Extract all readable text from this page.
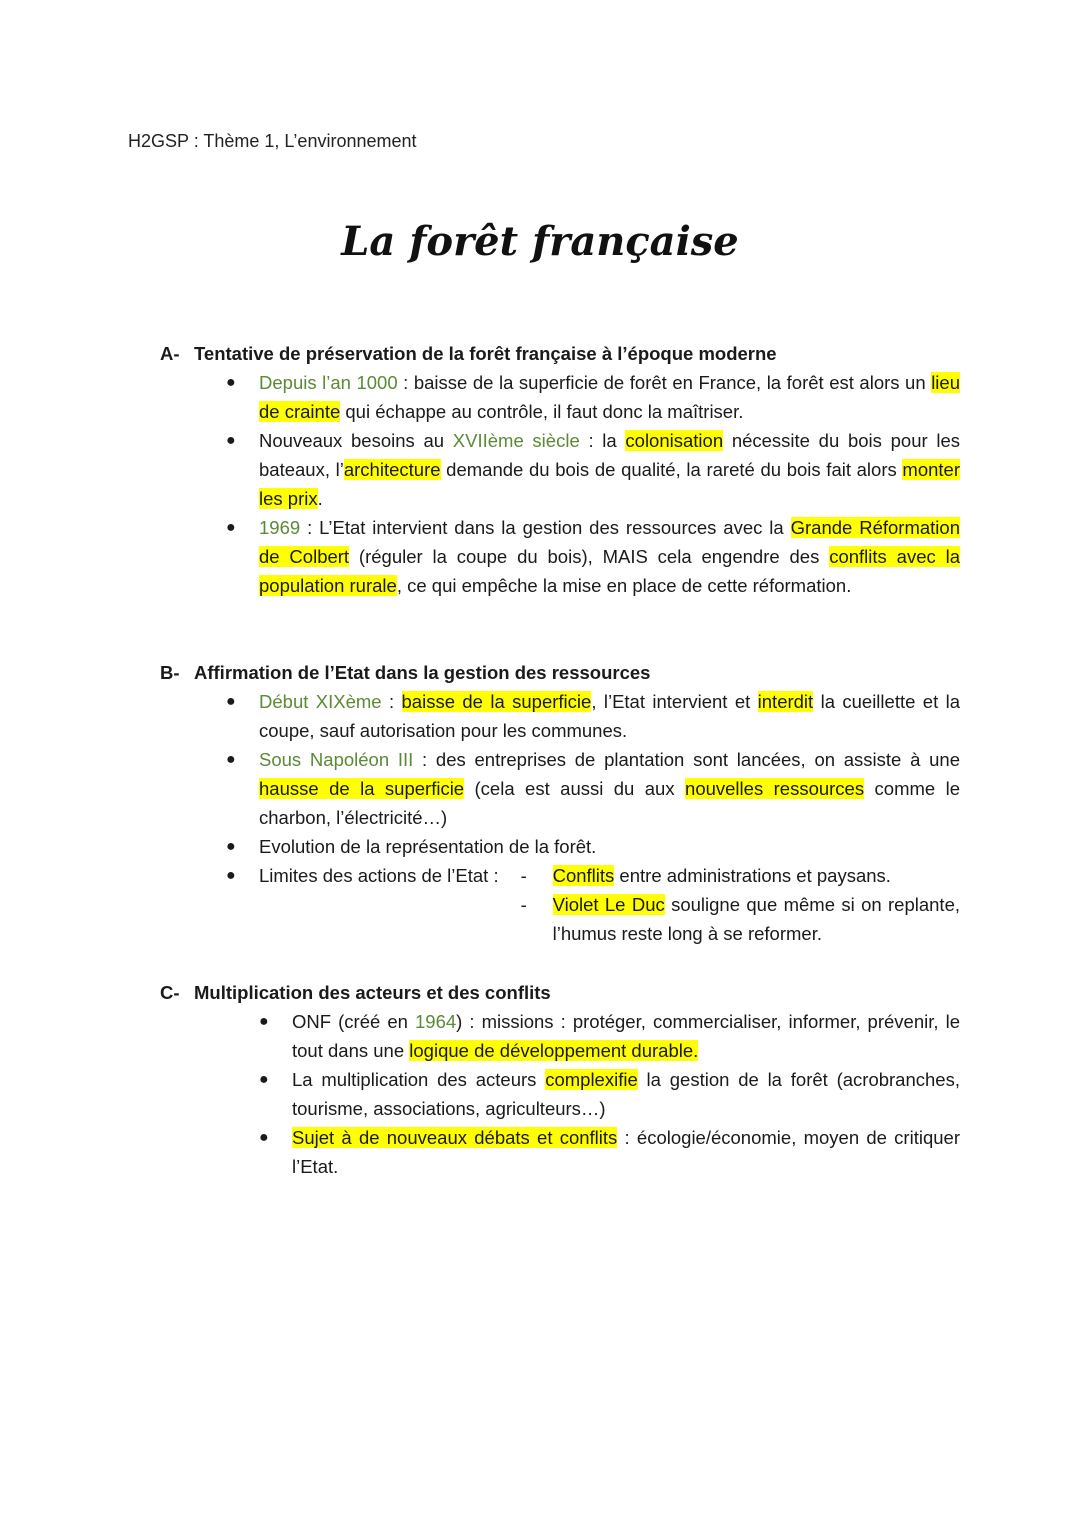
H2GSP : Thème 1, L’environnement
La forêt française

A- Tentative de préservation de la forêt française à l’époque moderne

● Depuis l’an 1000 : baisse de la superficie de forêt en France, la forêt est alors un lieu de crainte qui échappe au contrôle, il faut donc la maîtriser.
● Nouveaux besoins au XVIIème siècle : la colonisation nécessite du bois pour les bateaux, l’architecture demande du bois de qualité, la rareté du bois fait alors monter les prix.
● 1969 : L’Etat intervient dans la gestion des ressources avec la Grande Réformation de Colbert (réguler la coupe du bois), MAIS cela engendre des conflits avec la population rurale, ce qui empêche la mise en place de cette réformation.

B- Affirmation de l’Etat dans la gestion des ressources

● Début XIXème : baisse de la superficie, l’Etat intervient et interdit la cueillette et la coupe, sauf autorisation pour les communes.
● Sous Napoléon III : des entreprises de plantation sont lancées, on assiste à une hausse de la superficie (cela est aussi du aux nouvelles ressources comme le charbon, l’électricité…)
● Evolution de la représentation de la forêt.
● Limites des actions de l’Etat : - Conflits entre administrations et paysans.
- Violet Le Duc souligne que même si on replante, l’humus reste long à se reformer.

C- Multiplication des acteurs et des conflits

● ONF (créé en 1964) : missions : protéger, commercialiser, informer, prévenir, le tout dans une logique de développement durable.
● La multiplication des acteurs complexifie la gestion de la forêt (acrobranches, tourisme, associations, agriculteurs…)
● Sujet à de nouveaux débats et conflits : écologie/économie, moyen de critiquer l’Etat.
